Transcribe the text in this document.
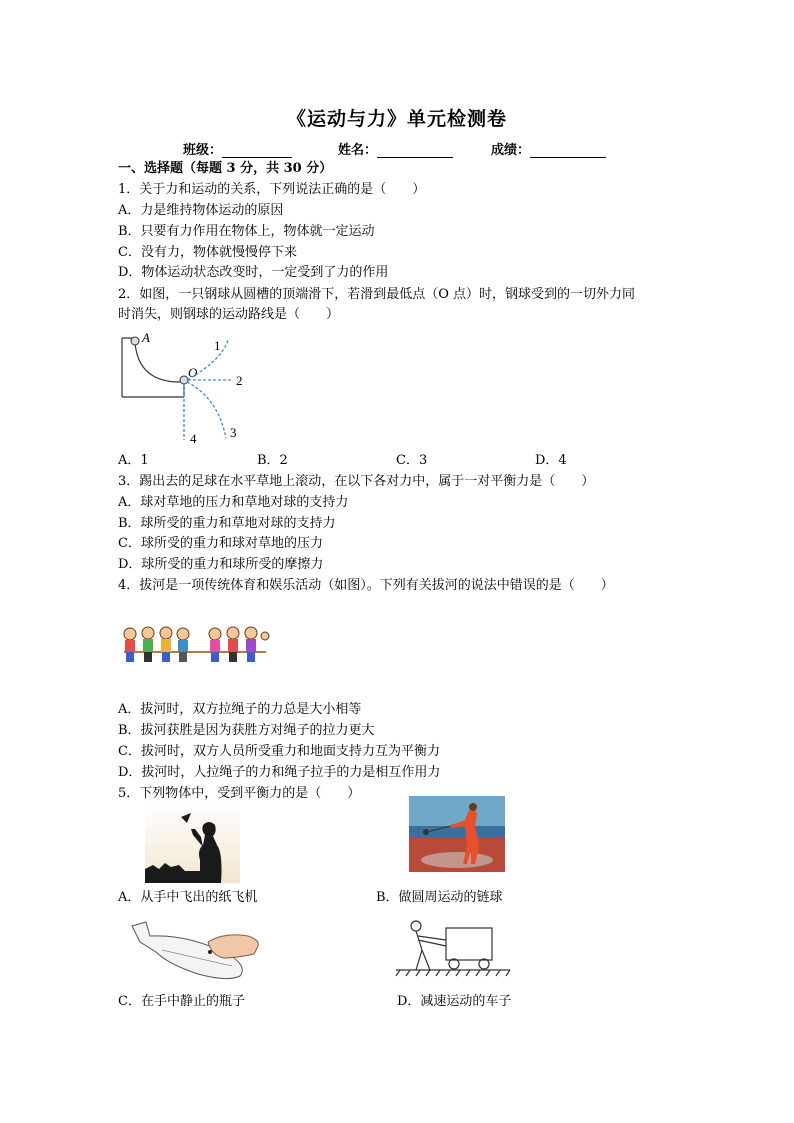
《运动与力》单元检测卷
班级：	姓名：	成绩：
一、选择题（每题 3 分，共 30 分）
1．关于力和运动的关系，下列说法正确的是（　　）
A．力是维持物体运动的原因
B．只要有力作用在物体上，物体就一定运动
C．没有力，物体就慢慢停下来
D．物体运动状态改变时，一定受到了力的作用
2．如图，一只钢球从圆槽的顶端滑下，若滑到最低点（O 点）时，钢球受到的一切外力同
时消失，则钢球的运动路线是（　　）
A
O
1
2
3
4
A．1	B．2	C．3	D．4
3．踢出去的足球在水平草地上滚动，在以下各对力中，属于一对平衡力是（　　）
A．球对草地的压力和草地对球的支持力
B．球所受的重力和草地对球的支持力
C．球所受的重力和球对草地的压力
D．球所受的重力和球所受的摩擦力
4．拔河是一项传统体育和娱乐活动（如图）。下列有关拔河的说法中错误的是（　　）
A．拔河时，双方拉绳子的力总是大小相等
B．拔河获胜是因为获胜方对绳子的拉力更大
C．拔河时，双方人员所受重力和地面支持力互为平衡力
D．拔河时，人拉绳子的力和绳子拉手的力是相互作用力
5．下列物体中，受到平衡力的是（　　）
A．从手中飞出的纸飞机	B．做圆周运动的链球
C．在手中静止的瓶子	D．减速运动的车子
